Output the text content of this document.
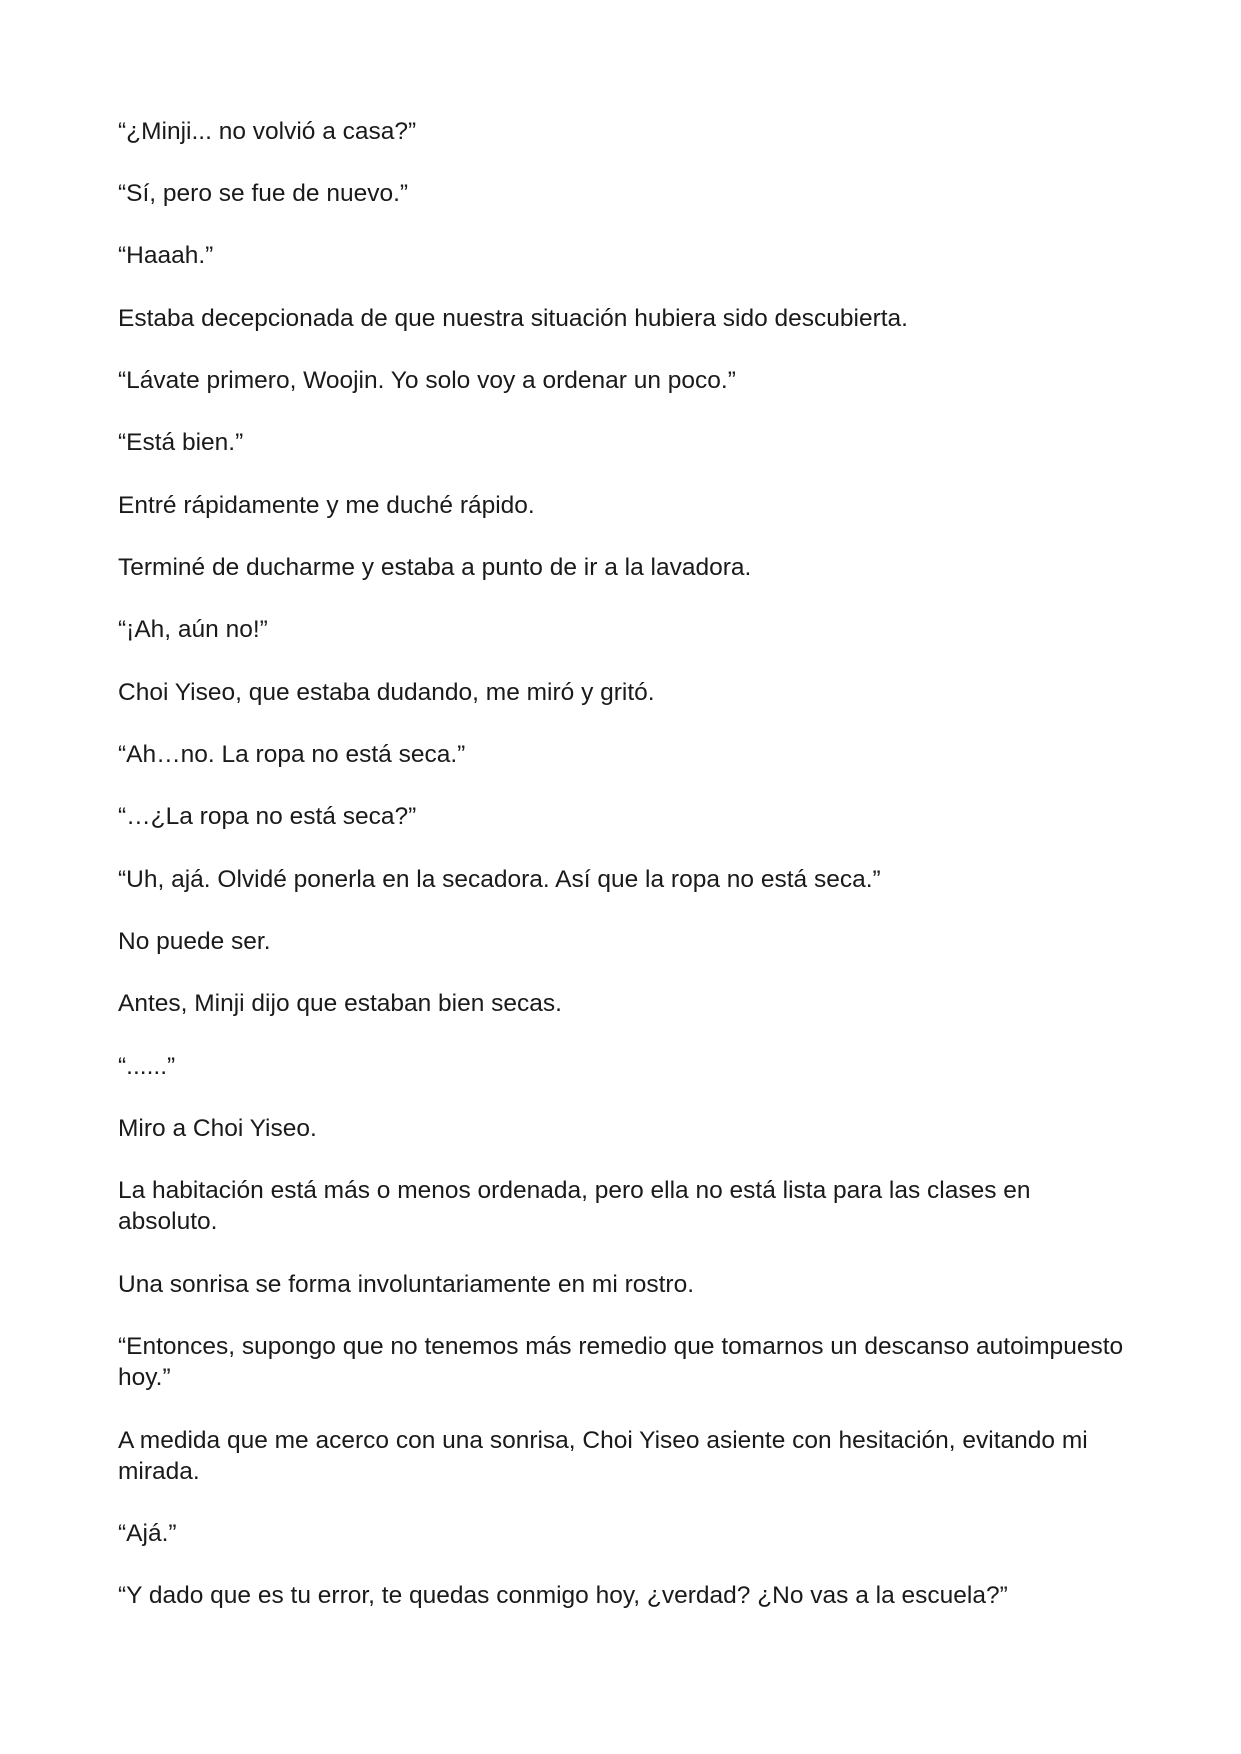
“¿Minji... no volvió a casa?”

“Sí, pero se fue de nuevo.”

“Haaah.”

Estaba decepcionada de que nuestra situación hubiera sido descubierta.

“Lávate primero, Woojin. Yo solo voy a ordenar un poco.”

“Está bien.”

Entré rápidamente y me duché rápido.

Terminé de ducharme y estaba a punto de ir a la lavadora.

“¡Ah, aún no!”

Choi Yiseo, que estaba dudando, me miró y gritó.

“Ah…no. La ropa no está seca.”

“…¿La ropa no está seca?”

“Uh, ajá. Olvidé ponerla en la secadora. Así que la ropa no está seca.”

No puede ser.

Antes, Minji dijo que estaban bien secas.

“......”

Miro a Choi Yiseo.

La habitación está más o menos ordenada, pero ella no está lista para las clases en absoluto.

Una sonrisa se forma involuntariamente en mi rostro.

“Entonces, supongo que no tenemos más remedio que tomarnos un descanso autoimpuesto hoy.”

A medida que me acerco con una sonrisa, Choi Yiseo asiente con hesitación, evitando mi mirada.

“Ajá.”

“Y dado que es tu error, te quedas conmigo hoy, ¿verdad? ¿No vas a la escuela?”
